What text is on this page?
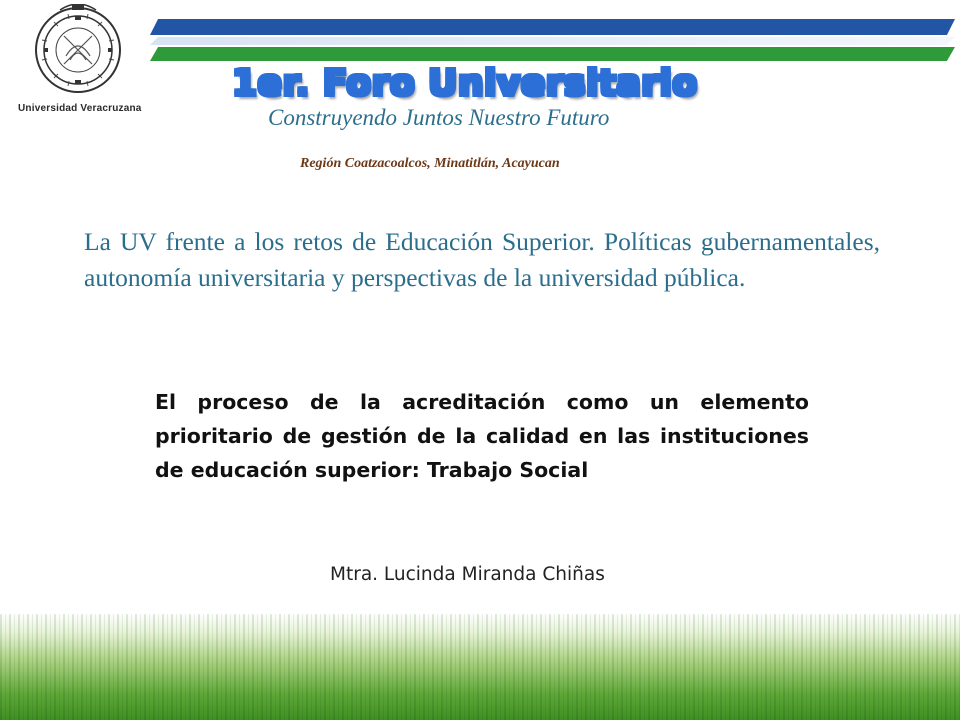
Universidad Veracruzana
1er. Foro Universitario
Construyendo Juntos Nuestro Futuro
Región Coatzacoalcos, Minatitlán, Acayucan
La UV frente a los retos de Educación Superior. Políticas gubernamentales, autonomía universitaria y perspectivas de la universidad pública.
El proceso de la acreditación como un elemento prioritario de gestión de la calidad en las instituciones de educación superior: Trabajo Social
Mtra. Lucinda Miranda Chiñas
